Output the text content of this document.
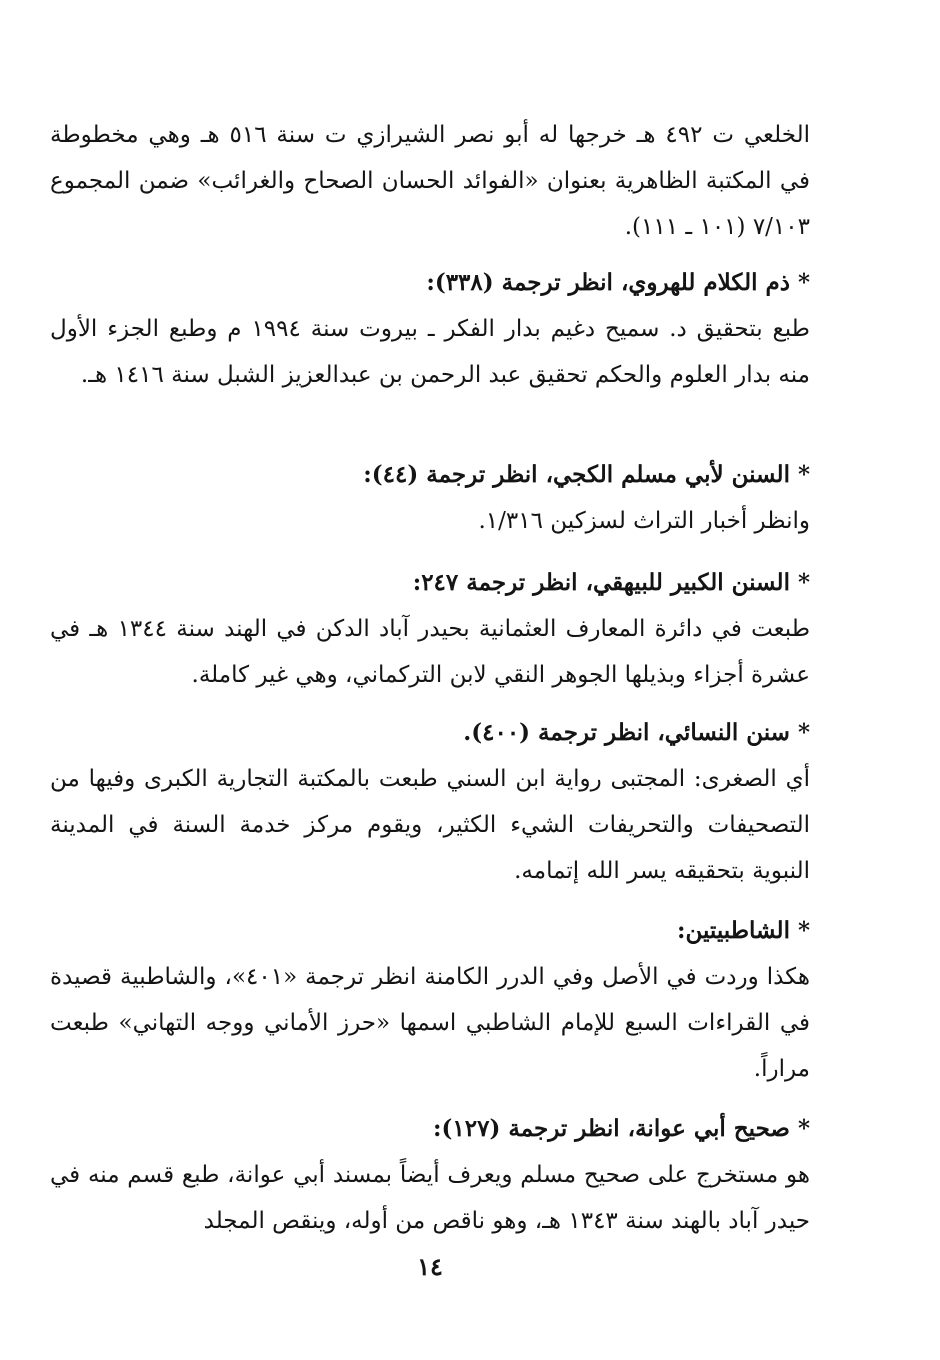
الخلعي ت ٤٩٢ هـ خرجها له أبو نصر الشيرازي ت سنة ٥١٦ هـ وهي مخطوطة في المكتبة الظاهرية بعنوان «الفوائد الحسان الصحاح والغرائب» ضمن المجموع ٧/١٠٣ (١٠١ ـ ١١١).

* ذم الكلام للهروي، انظر ترجمة (٣٣٨):

طبع بتحقيق د. سميح دغيم بدار الفكر ـ بيروت سنة ١٩٩٤ م وطبع الجزء الأول منه بدار العلوم والحكم تحقيق عبد الرحمن بن عبدالعزيز الشبل سنة ١٤١٦ هـ.

* السنن لأبي مسلم الكجي، انظر ترجمة (٤٤):

وانظر أخبار التراث لسزكين ١/٣١٦.

* السنن الكبير للبيهقي، انظر ترجمة ٢٤٧:

طبعت في دائرة المعارف العثمانية بحيدر آباد الدكن في الهند سنة ١٣٤٤ هـ في عشرة أجزاء وبذيلها الجوهر النقي لابن التركماني، وهي غير كاملة.

* سنن النسائي، انظر ترجمة (٤٠٠).

أي الصغرى: المجتبى رواية ابن السني طبعت بالمكتبة التجارية الكبرى وفيها من التصحيفات والتحريفات الشيء الكثير، ويقوم مركز خدمة السنة في المدينة النبوية بتحقيقه يسر الله إتمامه.

* الشاطبيتين:

هكذا وردت في الأصل وفي الدرر الكامنة انظر ترجمة «٤٠١»، والشاطبية قصيدة في القراءات السبع للإمام الشاطبي اسمها «حرز الأماني ووجه التهاني» طبعت مراراً.

* صحيح أبي عوانة، انظر ترجمة (١٢٧):

هو مستخرج على صحيح مسلم ويعرف أيضاً بمسند أبي عوانة، طبع قسم منه في حيدر آباد بالهند سنة ١٣٤٣ هـ، وهو ناقص من أوله، وينقص المجلد

١٤
